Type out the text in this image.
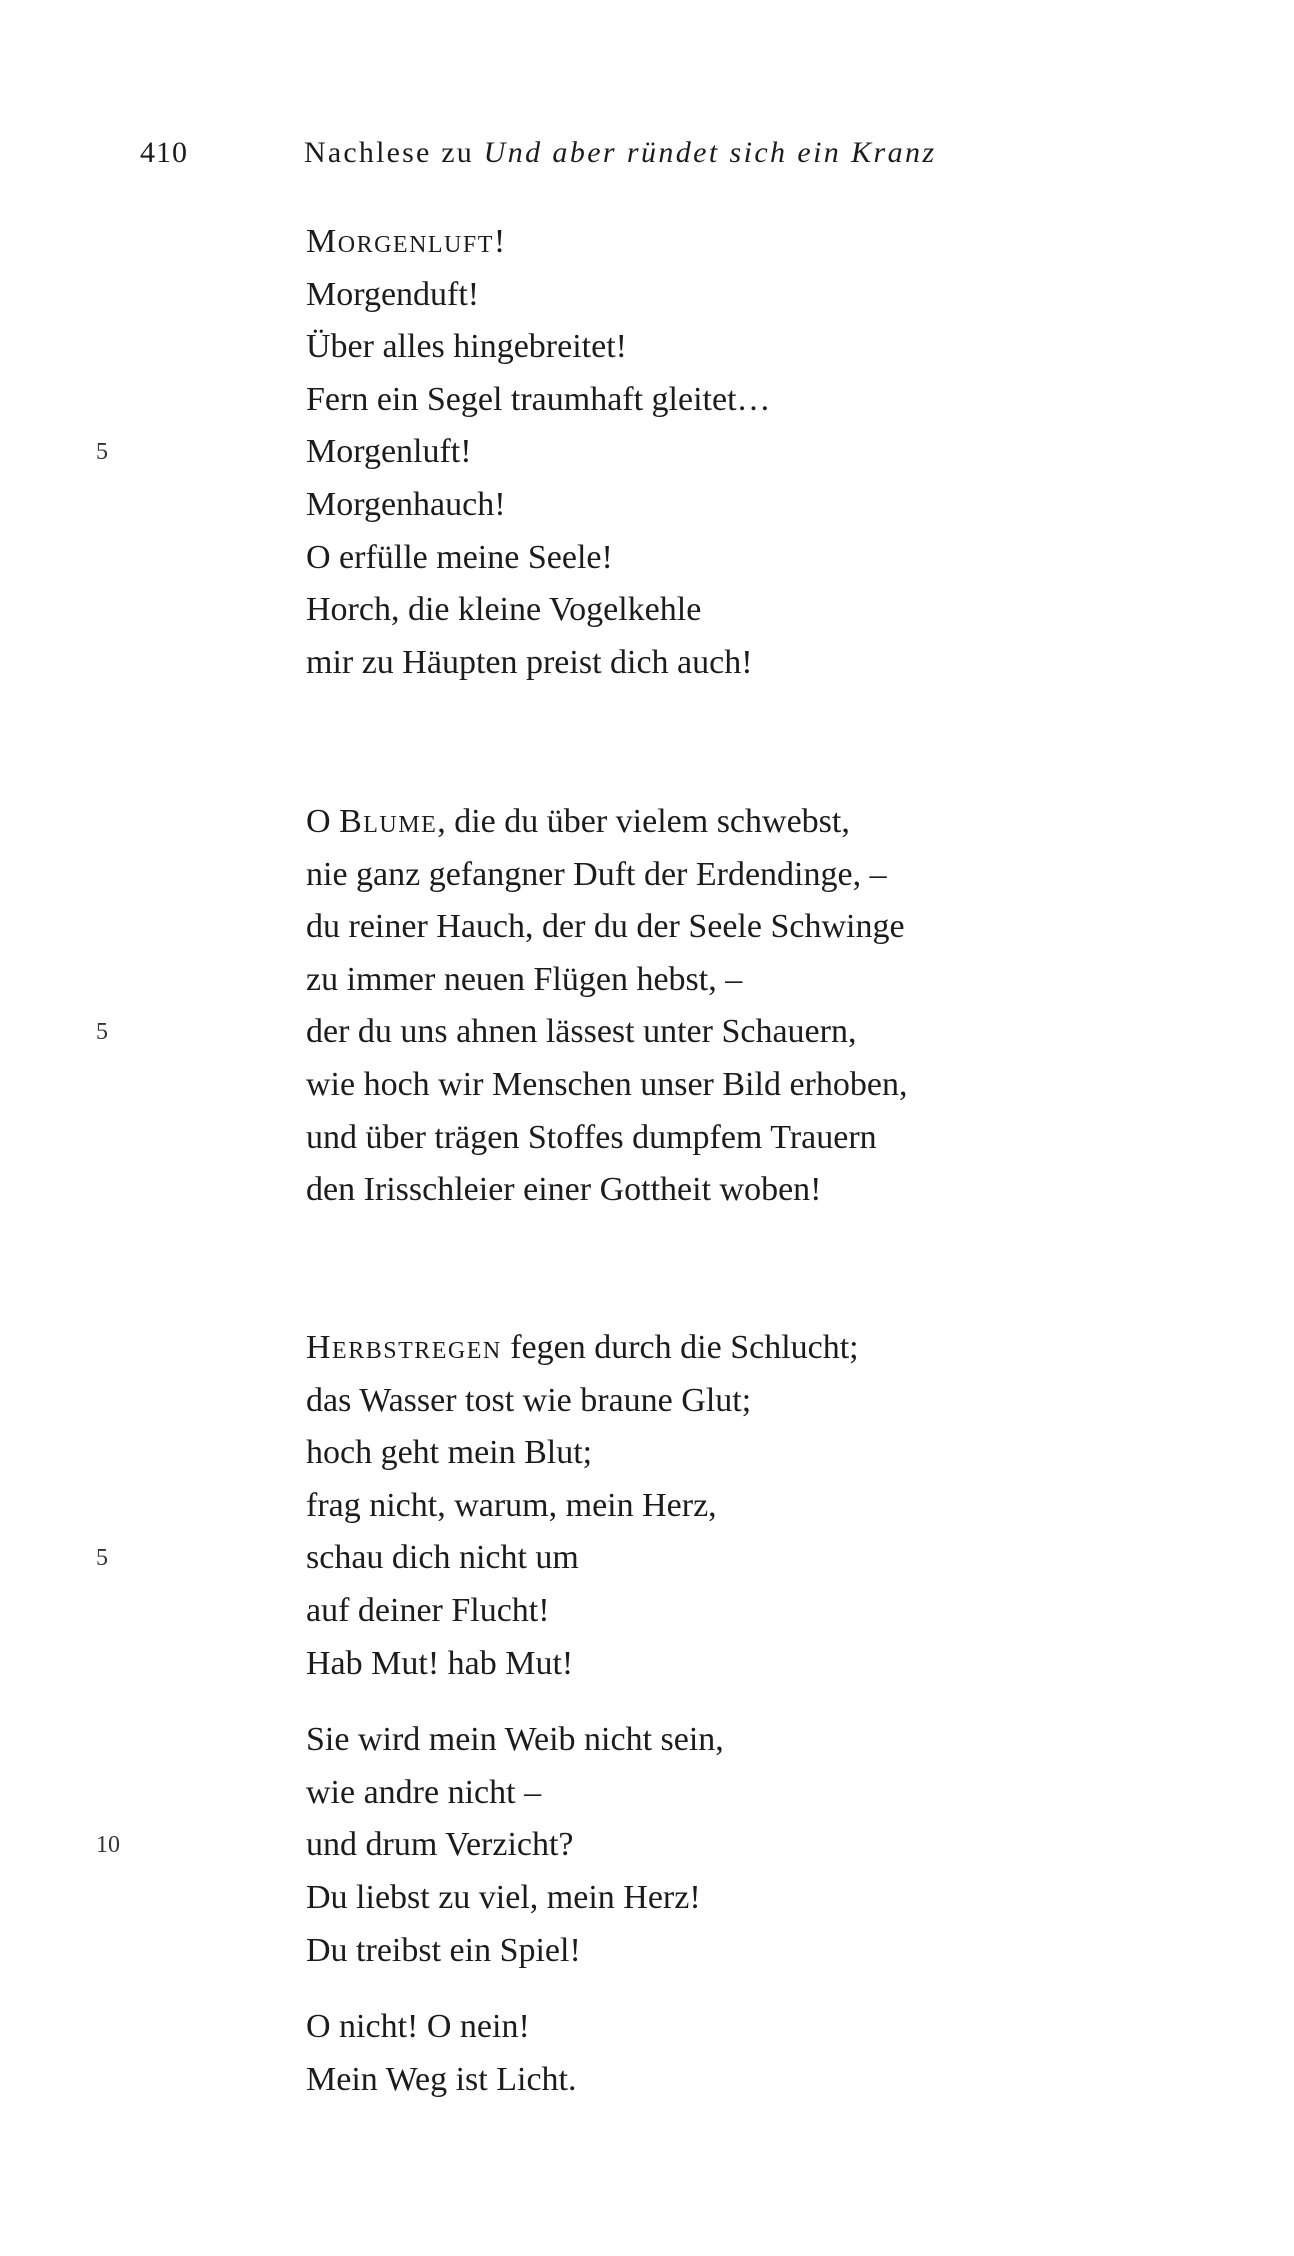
410	Nachlese zu Und aber ründet sich ein Kranz
Morgenluft!
Morgenduft!
Über alles hingebreitet!
Fern ein Segel traumhaft gleitet…
5	Morgenluft!
Morgenhauch!
O erfülle meine Seele!
Horch, die kleine Vogelkehle
mir zu Häupten preist dich auch!
O Blume, die du über vielem schwebst,
nie ganz gefangner Duft der Erdendinge, –
du reiner Hauch, der du der Seele Schwinge
zu immer neuen Flügen hebst, –
5	der du uns ahnen lässest unter Schauern,
wie hoch wir Menschen unser Bild erhoben,
und über trägen Stoffes dumpfem Trauern
den Irisschleier einer Gottheit woben!
Herbstregen fegen durch die Schlucht;
das Wasser tost wie braune Glut;
hoch geht mein Blut;
frag nicht, warum, mein Herz,
5	schau dich nicht um
auf deiner Flucht!
Hab Mut! hab Mut!
Sie wird mein Weib nicht sein,
wie andre nicht –
10	und drum Verzicht?
Du liebst zu viel, mein Herz!
Du treibst ein Spiel!
O nicht! O nein!
Mein Weg ist Licht.
